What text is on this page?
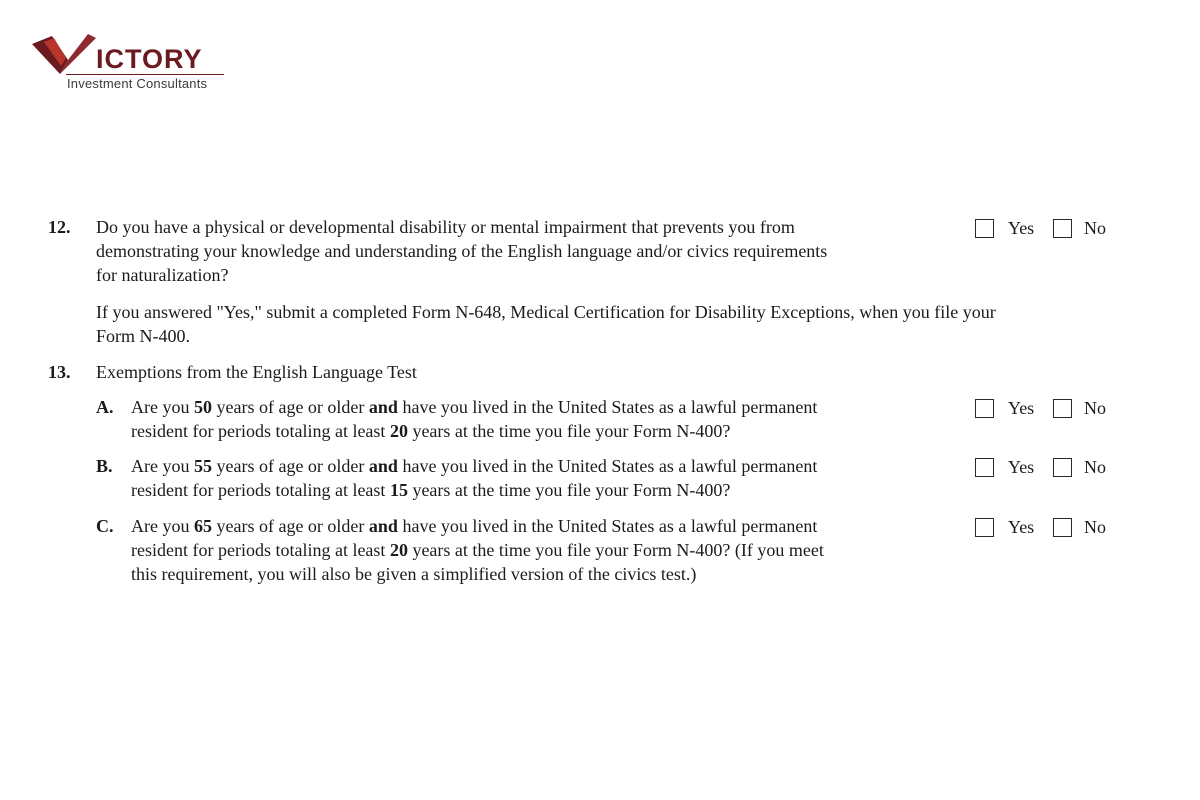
ICTORY
Investment Consultants
12. Do you have a physical or developmental disability or mental impairment that prevents you from
demonstrating your knowledge and understanding of the English language and/or civics requirements
for naturalization?
Yes	No
If you answered "Yes," submit a completed Form N-648, Medical Certification for Disability Exceptions, when you file your
Form N-400.
13. Exemptions from the English Language Test
A. Are you 50 years of age or older and have you lived in the United States as a lawful permanent
resident for periods totaling at least 20 years at the time you file your Form N-400?
Yes	No
B. Are you 55 years of age or older and have you lived in the United States as a lawful permanent
resident for periods totaling at least 15 years at the time you file your Form N-400?
Yes	No
C. Are you 65 years of age or older and have you lived in the United States as a lawful permanent
resident for periods totaling at least 20 years at the time you file your Form N-400? (If you meet
this requirement, you will also be given a simplified version of the civics test.)
Yes	No
